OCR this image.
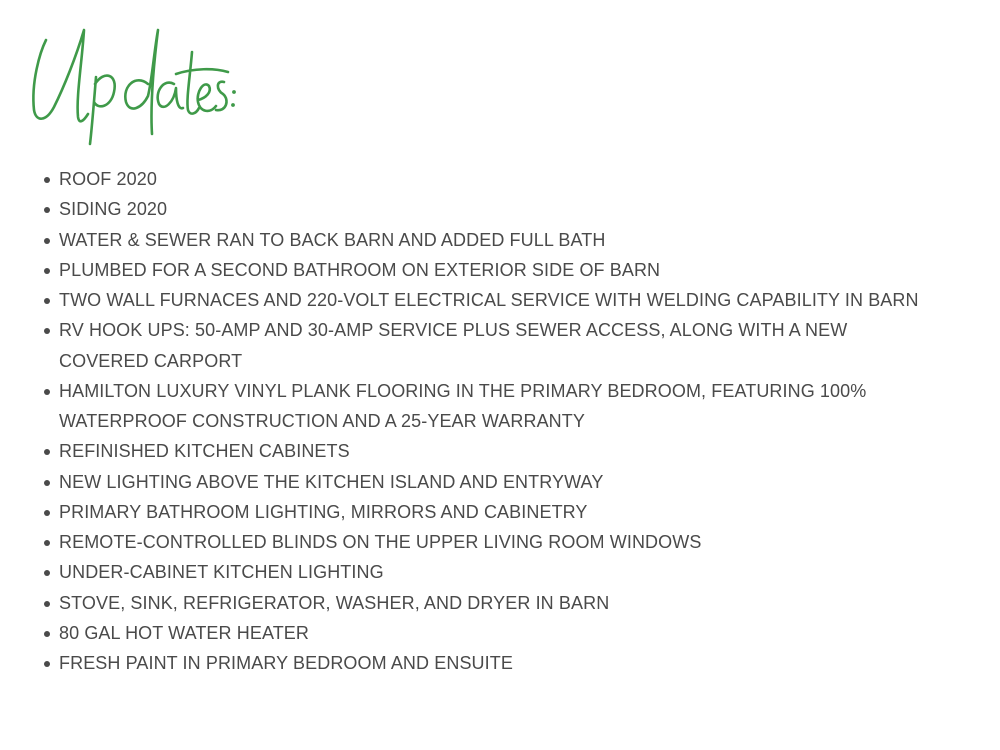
ROOF 2020
SIDING 2020
WATER & SEWER RAN TO BACK BARN AND ADDED FULL BATH
PLUMBED FOR A SECOND BATHROOM ON EXTERIOR SIDE OF BARN
TWO WALL FURNACES AND 220-VOLT ELECTRICAL SERVICE WITH WELDING CAPABILITY IN BARN
RV HOOK UPS: 50-AMP AND 30-AMP SERVICE PLUS SEWER ACCESS, ALONG WITH A NEW COVERED CARPORT
HAMILTON LUXURY VINYL PLANK FLOORING IN THE PRIMARY BEDROOM, FEATURING 100% WATERPROOF CONSTRUCTION AND A 25-YEAR WARRANTY
REFINISHED KITCHEN CABINETS
NEW LIGHTING ABOVE THE KITCHEN ISLAND AND ENTRYWAY
PRIMARY BATHROOM LIGHTING, MIRRORS AND CABINETRY
REMOTE-CONTROLLED BLINDS ON THE UPPER LIVING ROOM WINDOWS
UNDER-CABINET KITCHEN LIGHTING
STOVE, SINK, REFRIGERATOR, WASHER, AND DRYER IN BARN
80 GAL HOT WATER HEATER
FRESH PAINT IN PRIMARY BEDROOM AND ENSUITE
